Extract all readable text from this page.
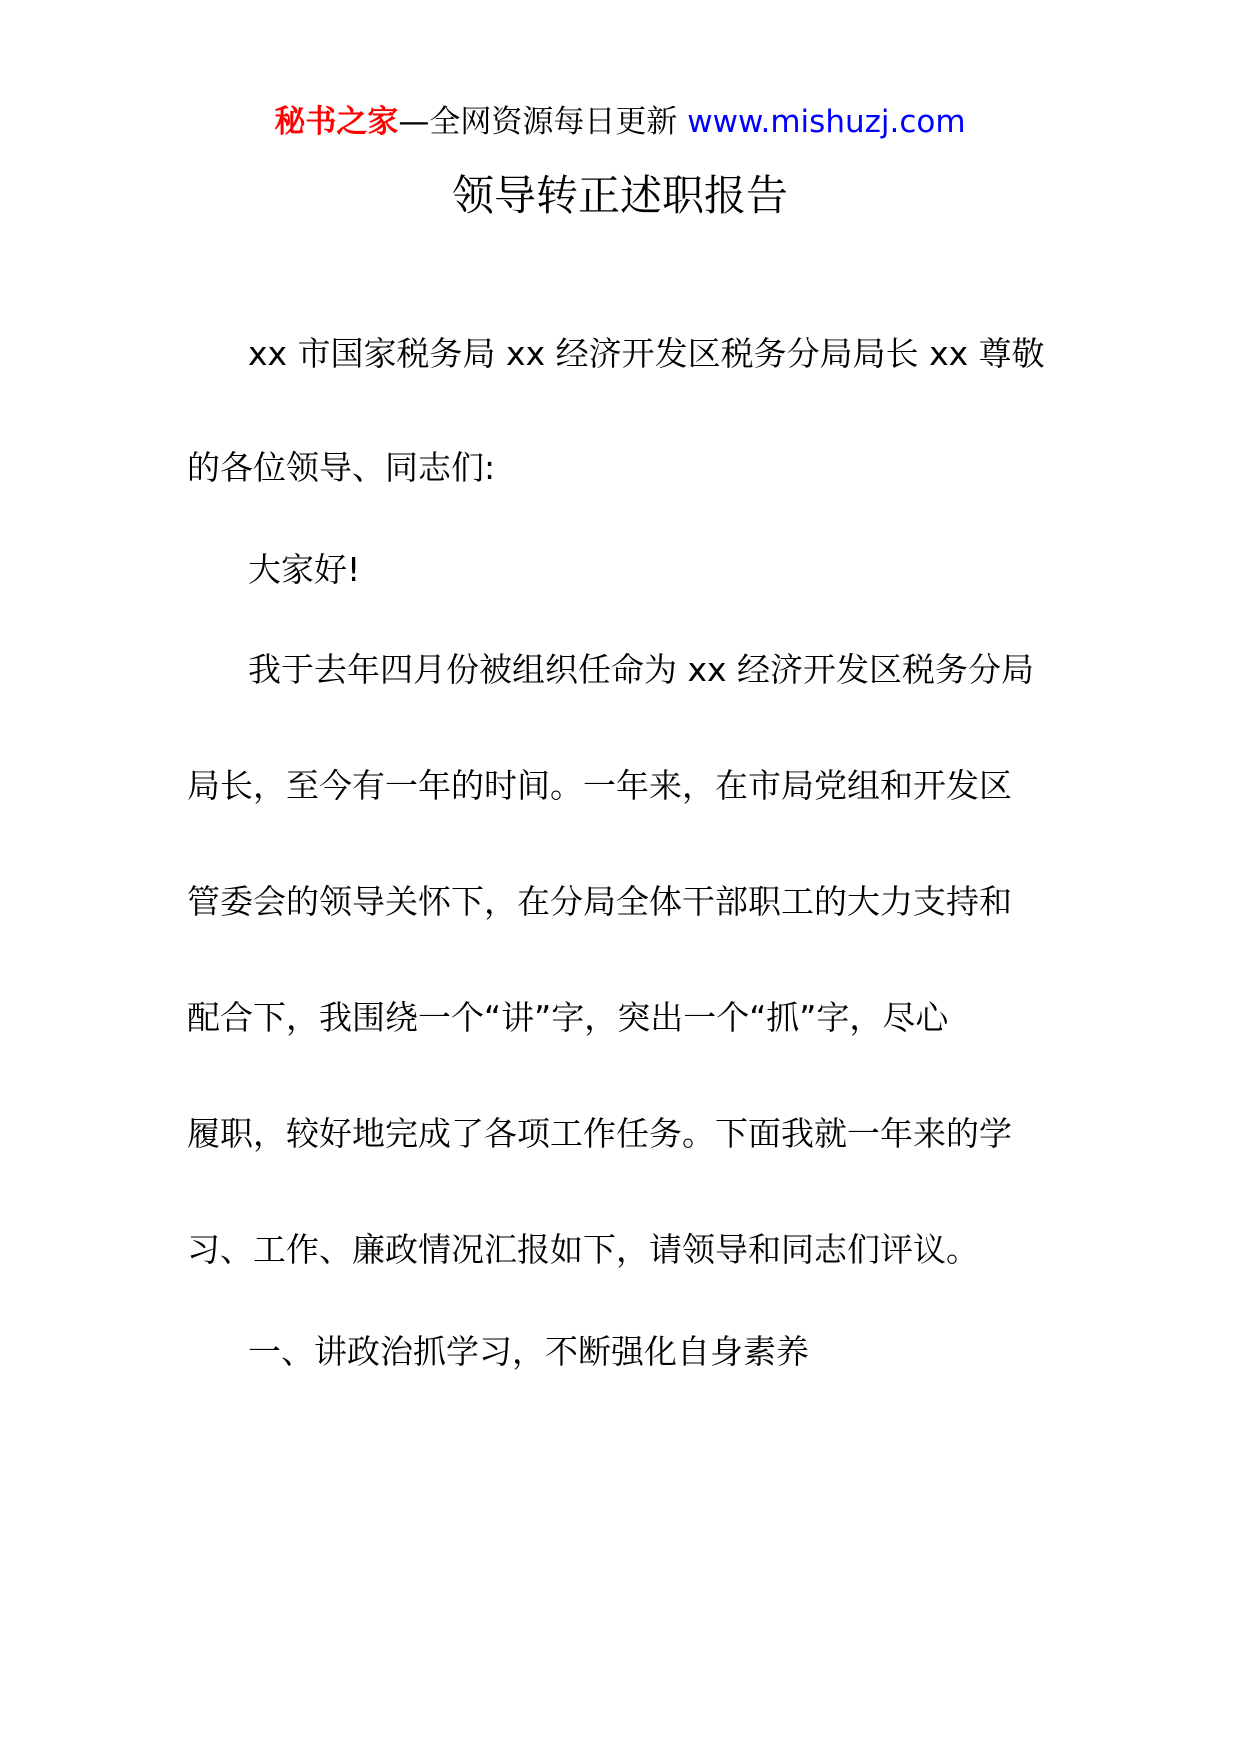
秘书之家—全网资源每日更新 www.mishuzj.com
领导转正述职报告
xx 市国家税务局 xx 经济开发区税务分局局长 xx 尊敬
的各位领导、同志们:
大家好!
我于去年四月份被组织任命为 xx 经济开发区税务分局
局长，至今有一年的时间。一年来，在市局党组和开发区
管委会的领导关怀下，在分局全体干部职工的大力支持和
配合下，我围绕一个“讲”字，突出一个“抓”字，尽心
履职，较好地完成了各项工作任务。下面我就一年来的学
习、工作、廉政情况汇报如下，请领导和同志们评议。
一、讲政治抓学习，不断强化自身素养
